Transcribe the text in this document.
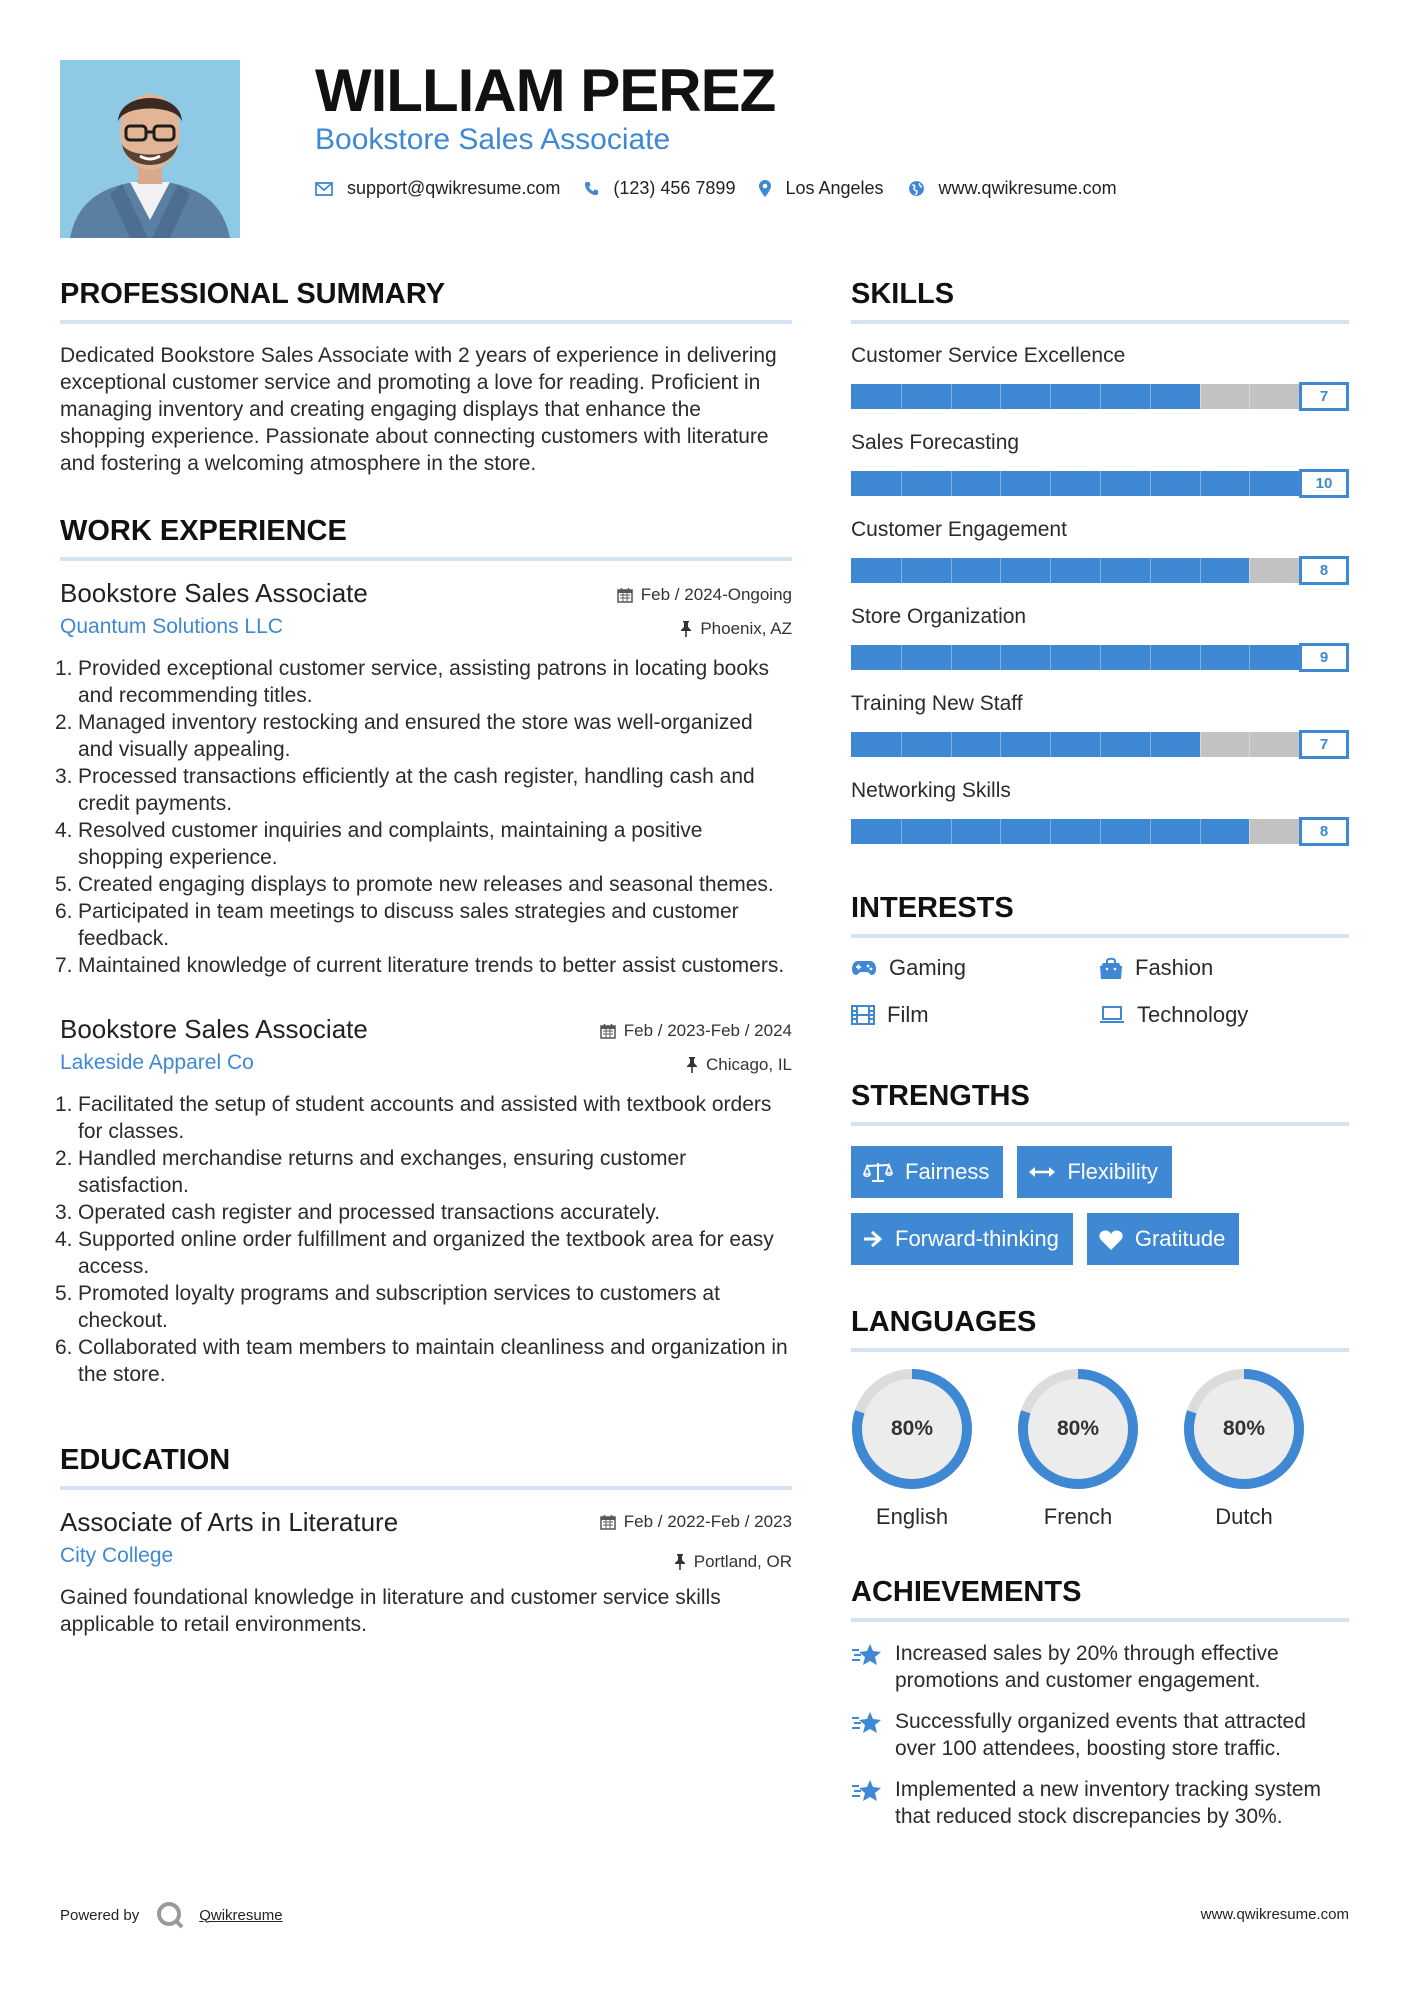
WILLIAM PEREZ
Bookstore Sales Associate
support@qwikresume.com	(123) 456 7899	Los Angeles	www.qwikresume.com
PROFESSIONAL SUMMARY
Dedicated Bookstore Sales Associate with 2 years of experience in delivering exceptional customer service and promoting a love for reading. Proficient in managing inventory and creating engaging displays that enhance the shopping experience. Passionate about connecting customers with literature and fostering a welcoming atmosphere in the store.
WORK EXPERIENCE
Bookstore Sales Associate
Quantum Solutions LLC
Feb / 2024-Ongoing
Phoenix, AZ
1. Provided exceptional customer service, assisting patrons in locating books and recommending titles.
2. Managed inventory restocking and ensured the store was well-organized and visually appealing.
3. Processed transactions efficiently at the cash register, handling cash and credit payments.
4. Resolved customer inquiries and complaints, maintaining a positive shopping experience.
5. Created engaging displays to promote new releases and seasonal themes.
6. Participated in team meetings to discuss sales strategies and customer feedback.
7. Maintained knowledge of current literature trends to better assist customers.
Bookstore Sales Associate
Lakeside Apparel Co
Feb / 2023-Feb / 2024
Chicago, IL
1. Facilitated the setup of student accounts and assisted with textbook orders for classes.
2. Handled merchandise returns and exchanges, ensuring customer satisfaction.
3. Operated cash register and processed transactions accurately.
4. Supported online order fulfillment and organized the textbook area for easy access.
5. Promoted loyalty programs and subscription services to customers at checkout.
6. Collaborated with team members to maintain cleanliness and organization in the store.
EDUCATION
Associate of Arts in Literature
City College
Feb / 2022-Feb / 2023
Portland, OR
Gained foundational knowledge in literature and customer service skills applicable to retail environments.
SKILLS
Customer Service Excellence
7
Sales Forecasting
10
Customer Engagement
8
Store Organization
9
Training New Staff
7
Networking Skills
8
INTERESTS
Gaming	Fashion
Film	Technology
STRENGTHS
Fairness	Flexibility
Forward-thinking	Gratitude
LANGUAGES
80%
English
80%
French
80%
Dutch
ACHIEVEMENTS
Increased sales by 20% through effective promotions and customer engagement.
Successfully organized events that attracted over 100 attendees, boosting store traffic.
Implemented a new inventory tracking system that reduced stock discrepancies by 30%.
Powered by	Qwikresume	www.qwikresume.com
